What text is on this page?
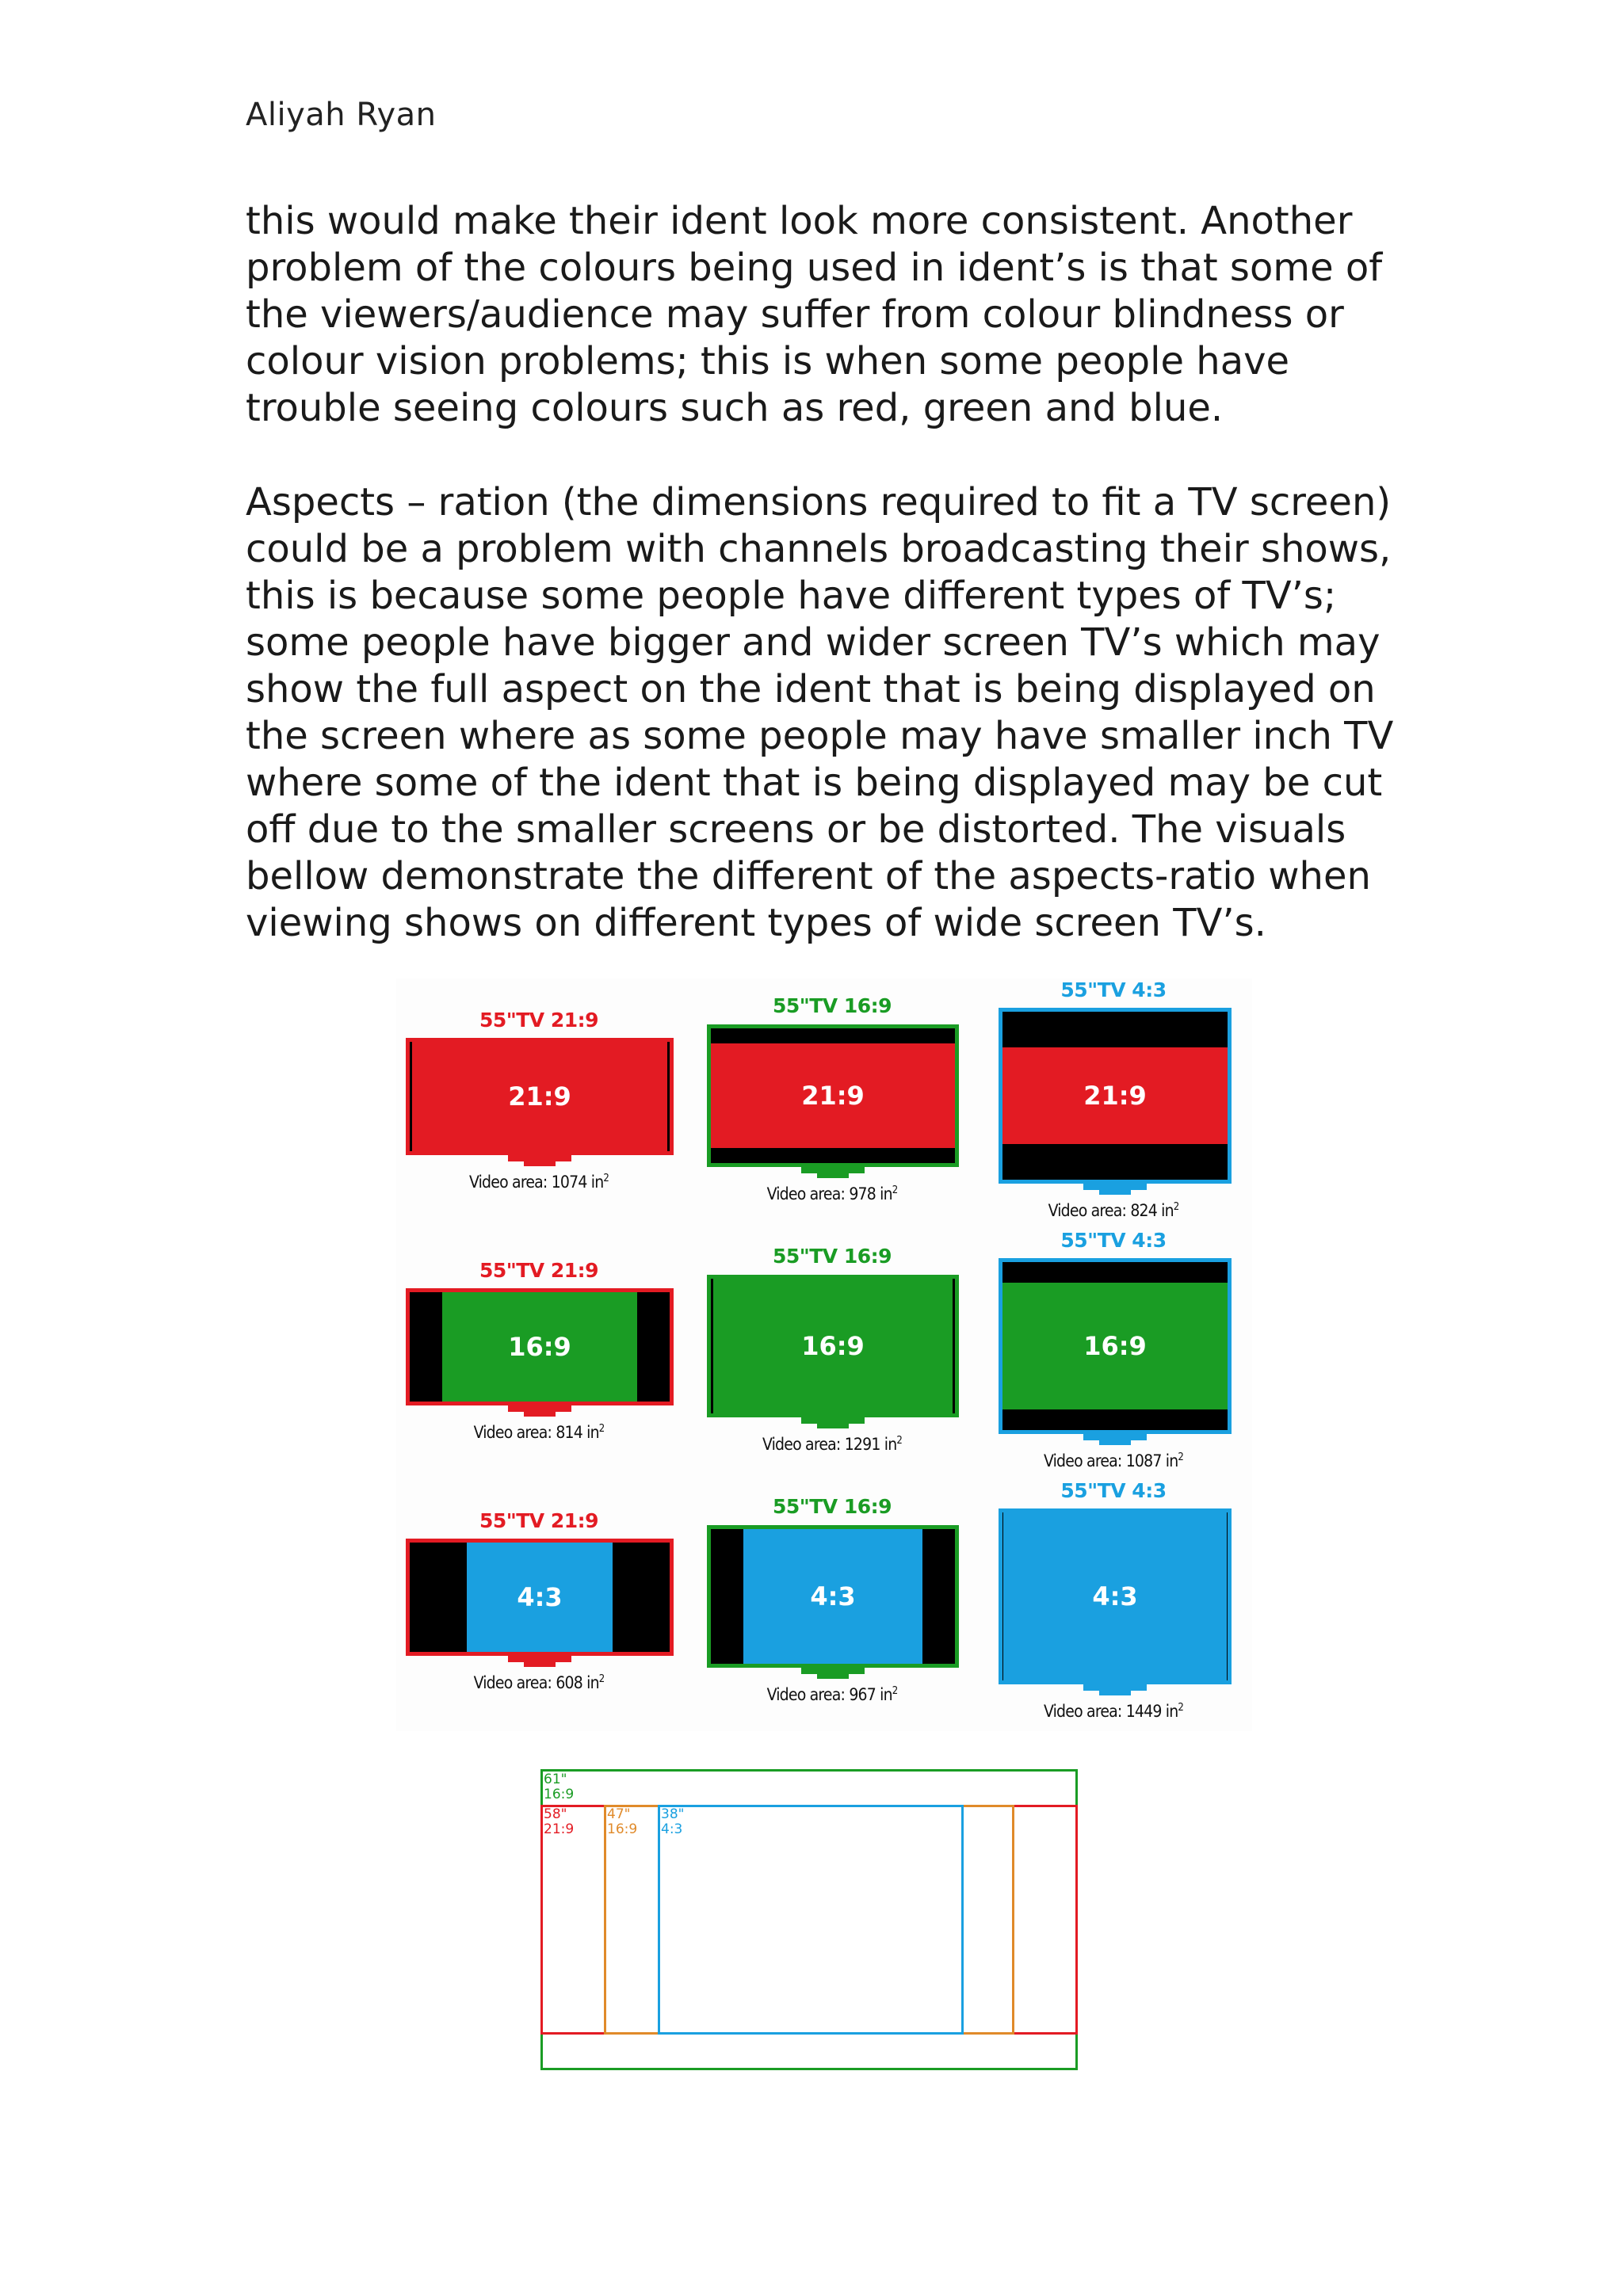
Aliyah Ryan

this would make their ident look more consistent. Another
problem of the colours being used in ident’s is that some of
the viewers/audience may suffer from colour blindness or
colour vision problems; this is when some people have
trouble seeing colours such as red, green and blue.

Aspects – ration (the dimensions required to fit a TV screen)
could be a problem with channels broadcasting their shows,
this is because some people have different types of TV’s;
some people have bigger and wider screen TV’s which may
show the full aspect on the ident that is being displayed on
the screen where as some people may have smaller inch TV
where some of the ident that is being displayed may be cut
off due to the smaller screens or be distorted. The visuals
bellow demonstrate the different of the aspects-ratio when
viewing shows on different types of wide screen TV’s.

55"TV 21:9
21:9
Video area: 1074 $in^2$
55"TV 16:9
21:9
Video area: 978 $in^2$
55"TV 4:3
21:9
Video area: 824 $in^2$
55"TV 21:9
16:9
Video area: 814 $in^2$
55"TV 16:9
16:9
Video area: 1291 $in^2$
55"TV 4:3
16:9
Video area: 1087 $in^2$
55"TV 21:9
4:3
Video area: 608 $in^2$
55"TV 16:9
4:3
Video area: 967 $in^2$
55"TV 4:3
4:3
Video area: 1449 $in^2$
61"
16:9
58"
21:9
47"
16:9
38"
4:3
